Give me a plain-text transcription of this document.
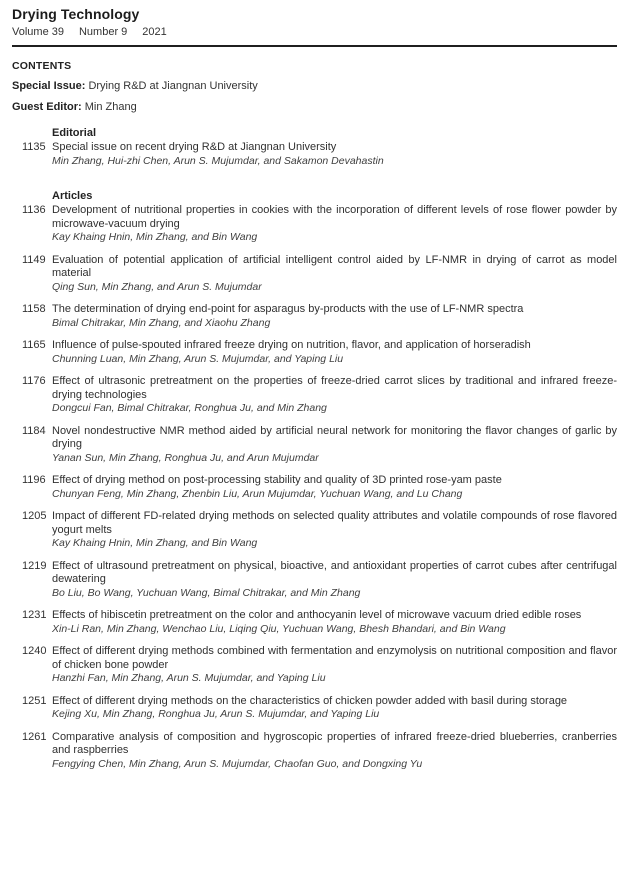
Drying Technology
Volume 39 Number 9 2021
CONTENTS
Special Issue: Drying R&D at Jiangnan University
Guest Editor: Min Zhang
Editorial
1135 Special issue on recent drying R&D at Jiangnan University
Min Zhang, Hui-zhi Chen, Arun S. Mujumdar, and Sakamon Devahastin
Articles
1136 Development of nutritional properties in cookies with the incorporation of different levels of rose flower powder by microwave-vacuum drying
Kay Khaing Hnin, Min Zhang, and Bin Wang
1149 Evaluation of potential application of artificial intelligent control aided by LF-NMR in drying of carrot as model material
Qing Sun, Min Zhang, and Arun S. Mujumdar
1158 The determination of drying end-point for asparagus by-products with the use of LF-NMR spectra
Bimal Chitrakar, Min Zhang, and Xiaohu Zhang
1165 Influence of pulse-spouted infrared freeze drying on nutrition, flavor, and application of horseradish
Chunning Luan, Min Zhang, Arun S. Mujumdar, and Yaping Liu
1176 Effect of ultrasonic pretreatment on the properties of freeze-dried carrot slices by traditional and infrared freeze-drying technologies
Dongcui Fan, Bimal Chitrakar, Ronghua Ju, and Min Zhang
1184 Novel nondestructive NMR method aided by artificial neural network for monitoring the flavor changes of garlic by drying
Yanan Sun, Min Zhang, Ronghua Ju, and Arun Mujumdar
1196 Effect of drying method on post-processing stability and quality of 3D printed rose-yam paste
Chunyan Feng, Min Zhang, Zhenbin Liu, Arun Mujumdar, Yuchuan Wang, and Lu Chang
1205 Impact of different FD-related drying methods on selected quality attributes and volatile compounds of rose flavored yogurt melts
Kay Khaing Hnin, Min Zhang, and Bin Wang
1219 Effect of ultrasound pretreatment on physical, bioactive, and antioxidant properties of carrot cubes after centrifugal dewatering
Bo Liu, Bo Wang, Yuchuan Wang, Bimal Chitrakar, and Min Zhang
1231 Effects of hibiscetin pretreatment on the color and anthocyanin level of microwave vacuum dried edible roses
Xin-Li Ran, Min Zhang, Wenchao Liu, Liqing Qiu, Yuchuan Wang, Bhesh Bhandari, and Bin Wang
1240 Effect of different drying methods combined with fermentation and enzymolysis on nutritional composition and flavor of chicken bone powder
Hanzhi Fan, Min Zhang, Arun S. Mujumdar, and Yaping Liu
1251 Effect of different drying methods on the characteristics of chicken powder added with basil during storage
Kejing Xu, Min Zhang, Ronghua Ju, Arun S. Mujumdar, and Yaping Liu
1261 Comparative analysis of composition and hygroscopic properties of infrared freeze-dried blueberries, cranberries and raspberries
Fengying Chen, Min Zhang, Arun S. Mujumdar, Chaofan Guo, and Dongxing Yu
